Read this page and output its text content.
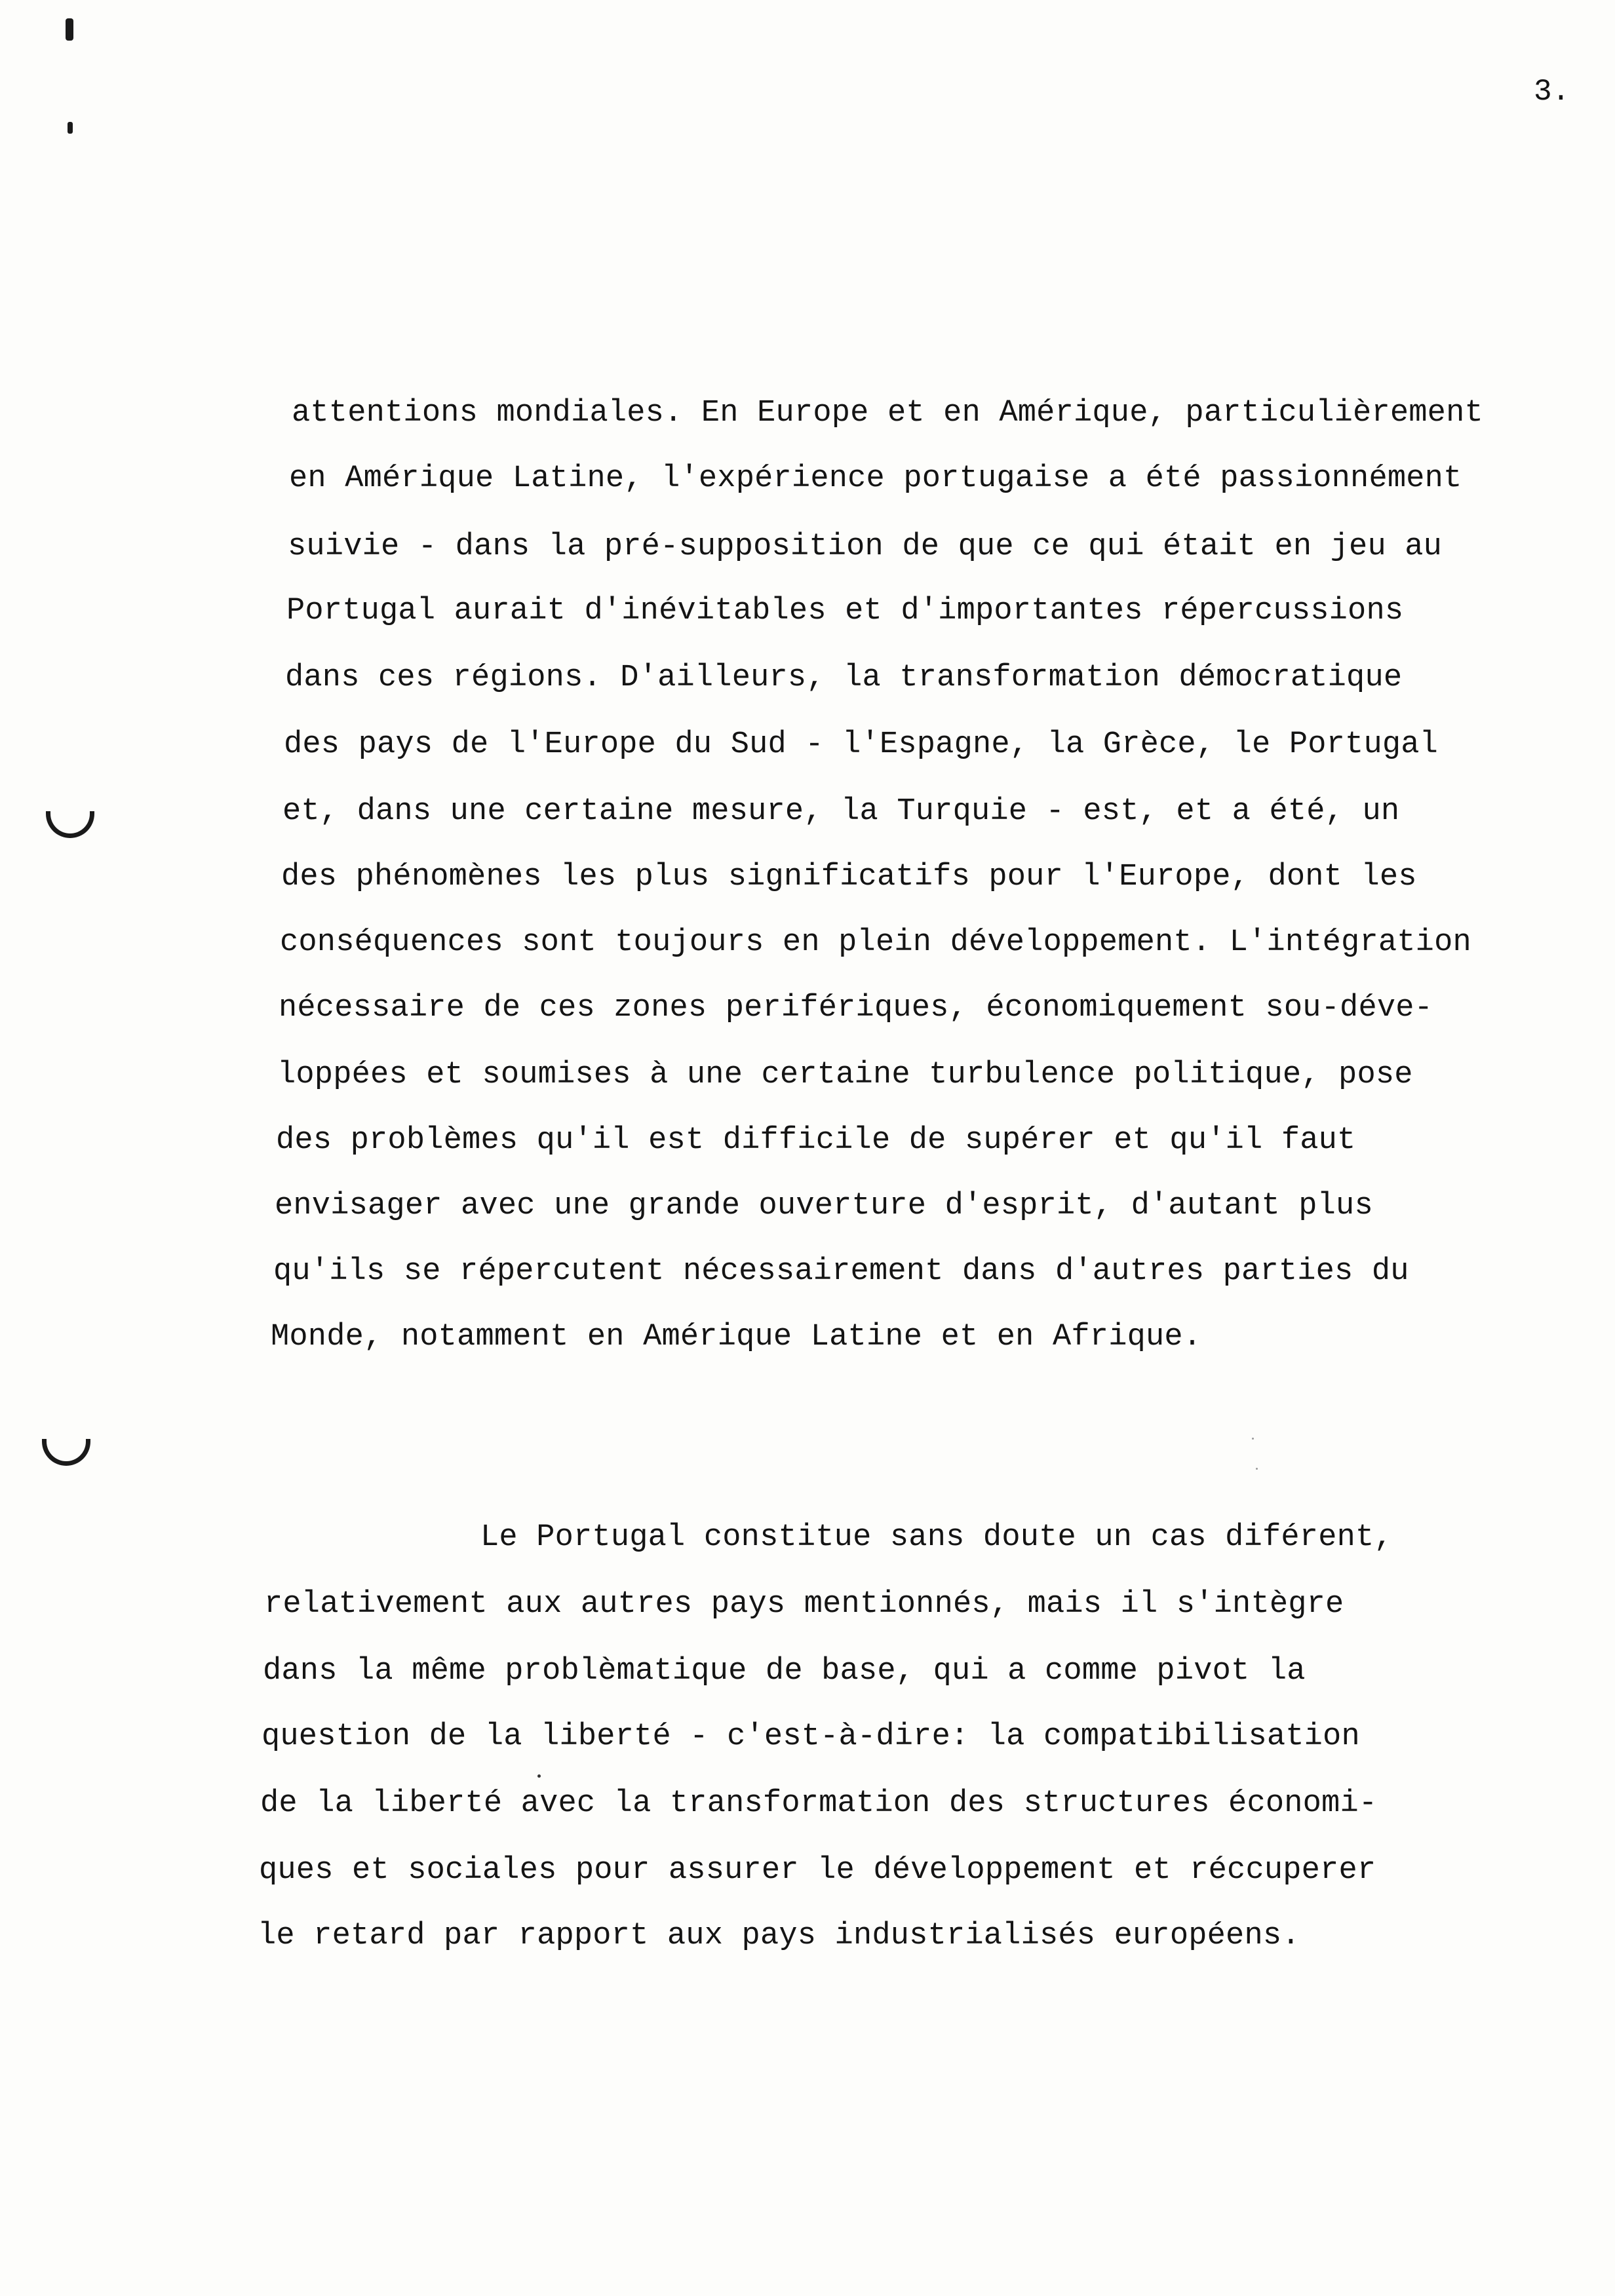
3.
attentions mondiales. En Europe et en Amérique, particulièrement
en Amérique Latine, l'expérience portugaise a été passionnément
suivie - dans la pré-supposition de que ce qui était en jeu au
Portugal aurait d'inévitables et d'importantes répercussions
dans ces régions. D'ailleurs, la transformation démocratique
des pays de l'Europe du Sud - l'Espagne, la Grèce, le Portugal
et, dans une certaine mesure, la Turquie - est, et a été, un
des phénomènes les plus significatifs pour l'Europe, dont les
conséquences sont toujours en plein développement. L'intégration
nécessaire de ces zones perifériques, économiquement sou-déve-
loppées et soumises à une certaine turbulence politique, pose
des problèmes qu'il est difficile de supérer et qu'il faut
envisager avec une grande ouverture d'esprit, d'autant plus
qu'ils se répercutent nécessairement dans d'autres parties du
Monde, notamment en Amérique Latine et en Afrique.
Le Portugal constitue sans doute un cas diférent,
relativement aux autres pays mentionnés, mais il s'intègre
dans la même problèmatique de base, qui a comme pivot la
question de la liberté - c'est-à-dire: la compatibilisation
de la liberté avec la transformation des structures économi-
ques et sociales pour assurer le développement et réccuperer
le retard par rapport aux pays industrialisés européens.
